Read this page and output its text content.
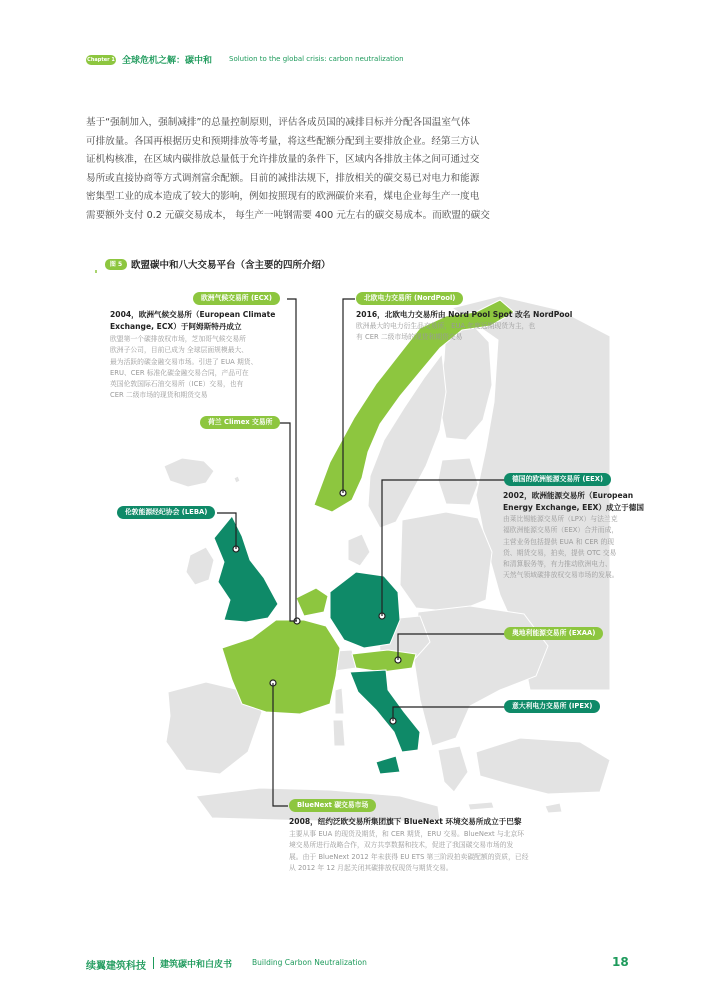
Chapter 1 全球危机之解：碳中和 Solution to the global crisis: carbon neutralization

基于“强制加入，强制减排”的总量控制原则，评估各成员国的减排目标并分配各国温室气体

可排放量。各国再根据历史和预期排放等考量，将这些配额分配到主要排放企业。经第三方认

证机构核准，在区域内碳排放总量低于允许排放量的条件下，区域内各排放主体之间可通过交

易所或直接协商等方式调剂富余配额。目前的减排法规下，排放相关的碳交易已对电力和能源

密集型工业的成本造成了较大的影响，例如按照现有的欧洲碳价来看，煤电企业每生产一度电

需要额外支付 0.2 元碳交易成本， 每生产一吨钢需要 400 元左右的碳交易成本。而欧盟的碳交

图 5 欧盟碳中和八大交易平台（含主要的四所介绍）
欧洲气候交易所 (ECX)	北欧电力交易所 (NordPool)
荷兰 Climex 交易所
伦敦能源经纪协会 (LEBA)
德国的欧洲能源交易所 (EEX)
奥地利能源交易所 (EXAA)
意大利电力交易所 (IPEX)
BlueNext 碳交易市场

2004，欧洲气候交易所（European Climate

Exchange, ECX）于阿姆斯特丹成立

欧盟第一个碳排放权市场，芝加哥气候交易所

欧洲子公司，目前已成为 全球层面规模最大、

最为活跃的碳金融交易市场。引进了 EUA 期货、

ERU、CER 标准化碳金融交易合同，产品可在

英国伦敦国际石油交易所（ICE）交易，也有

CER 二级市场的现货和期货交易

2016，北欧电力交易所由 Nord Pool Spot 改名 NordPool

欧洲最大的电力衍生品交易所，EUA 年度远期现货为主，也

有 CER 二级市场的现货和期货交易

2002，欧洲能源交易所（European

Energy Exchange, EEX）成立于德国

由莱比锡能源交易所（LPX）与法兰克

福欧洲能源交易所（EEX）合并而成，

主营业务包括提供 EUA 和 CER 的现

货、期货交易，拍卖，提供 OTC 交易

和清算服务等，有力推动欧洲电力、

天然气领域碳排放权交易市场的发展。

2008，纽约泛欧交易所集团旗下 BlueNext 环境交易所成立于巴黎

主要从事 EUA 的现货及期货，和 CER 期货，ERU 交易。BlueNext 与北京环

境交易所进行战略合作，双方共享数据和技术，促进了我国碳交易市场的发

展。由于 BlueNext 2012 年未获得 EU ETS 第三阶段拍卖碳配额的资质，已经

从 2012 年 12 月起关闭其碳排放权现货与期货交易。

续翼建筑科技 建筑碳中和白皮书	Building Carbon Neutralization	18
